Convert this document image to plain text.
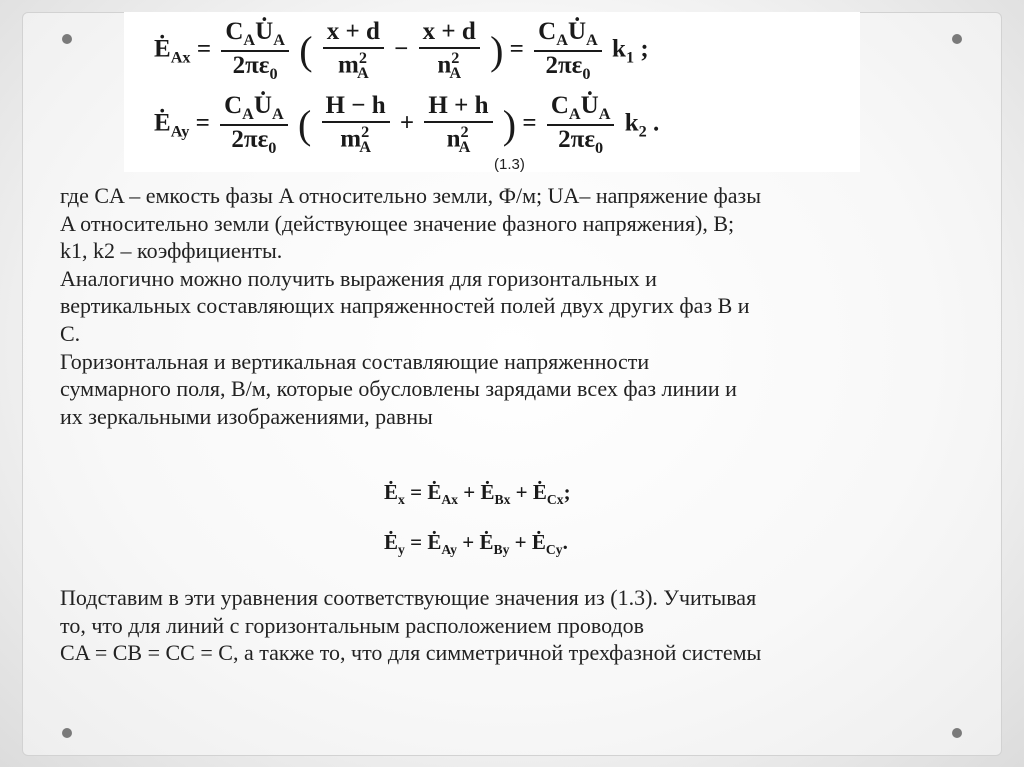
$Ė_{Ax} = \frac{C_AU̇_A}{2\pi\varepsilon_0}$ ( $\frac{x + d}{m^2_A} - \frac{x + d}{n^2_A}$ ) = $\frac{C_AU̇_A}{2\pi\varepsilon_0} k_1$ ;
$Ė_{Ay} = \frac{C_AU̇_A}{2\pi\varepsilon_0}$ ( $\frac{H - h}{m^2_A} + \frac{H + h}{n^2_A}$ ) = $\frac{C_AU̇_A}{2\pi\varepsilon_0} k_2$ .
(1.3)

где CA – емкость фазы A относительно земли, Ф/м; UA– напряжение фазы

A относительно земли (действующее значение фазного напряжения), В;

k1, k2 – коэффициенты.

Аналогично можно получить выражения для горизонтальных и

вертикальных составляющих напряженностей полей двух других фаз B и

C.

Горизонтальная и вертикальная составляющие напряженности

суммарного поля, В/м, которые обусловлены зарядами всех фаз линии и

их зеркальными изображениями, равны

$Ė_x$ = $Ė_{Ax}$ + $Ė_{Bx}$ + $Ė_{Cx}$;
$Ė_y$ = $Ė_{Ay}$ + $Ė_{By}$ + $Ė_{Cy}$.

Подставим в эти уравнения соответствующие значения из (1.3). Учитывая

то, что для линий с горизонтальным расположением проводов

CA = CB = CC = C, а также то, что для симметричной трехфазной системы
